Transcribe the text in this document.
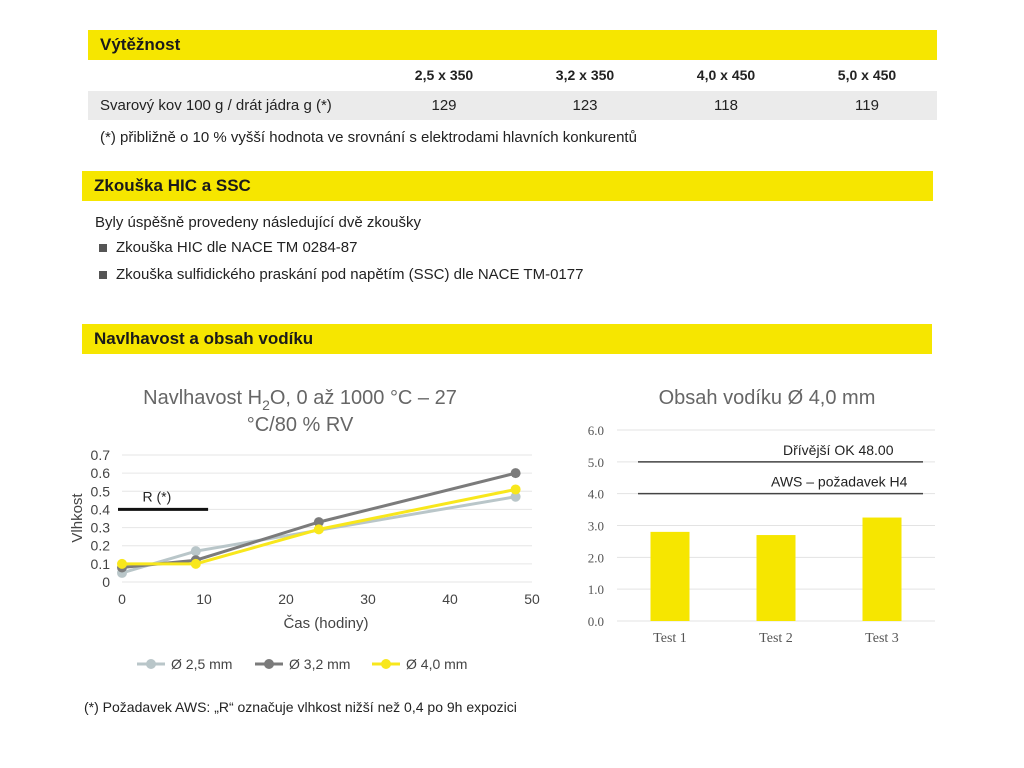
Výtěžnost
2,5 x 350	3,2 x 350	4,0 x 450	5,0 x 450
Svarový kov 100 g / drát jádra g (*)	129	123	118	119
(*) přibližně o 10 % vyšší hodnota ve srovnání s elektrodami hlavních konkurentů
Zkouška HIC a SSC
Byly úspěšně provedeny následující dvě zkoušky
Zkouška HIC dle NACE TM 0284-87
Zkouška sulfidického praskání pod napětím (SSC) dle NACE TM-0177
Navlhavost a obsah vodíku
Navlhavost $H_2O$, 0 až 1000 °C – 27
°C/80 % RV
0
0.1
0.2
0.3
0.4
0.5
0.6
0.7
0	10	20	30	40	50
R (*)
Čas (hodiny)
Vlhkost
Ø 2,5 mm	Ø 3,2 mm	Ø 4,0 mm
Obsah vodíku Ø 4,0 mm
0.0
1.0
2.0
3.0
4.0
5.0
6.0
Test 1	Test 2	Test 3
Dřívější OK 48.00
AWS – požadavek H4
(*) Požadavek AWS: „R“ označuje vlhkost nižší než 0,4 po 9h expozici
